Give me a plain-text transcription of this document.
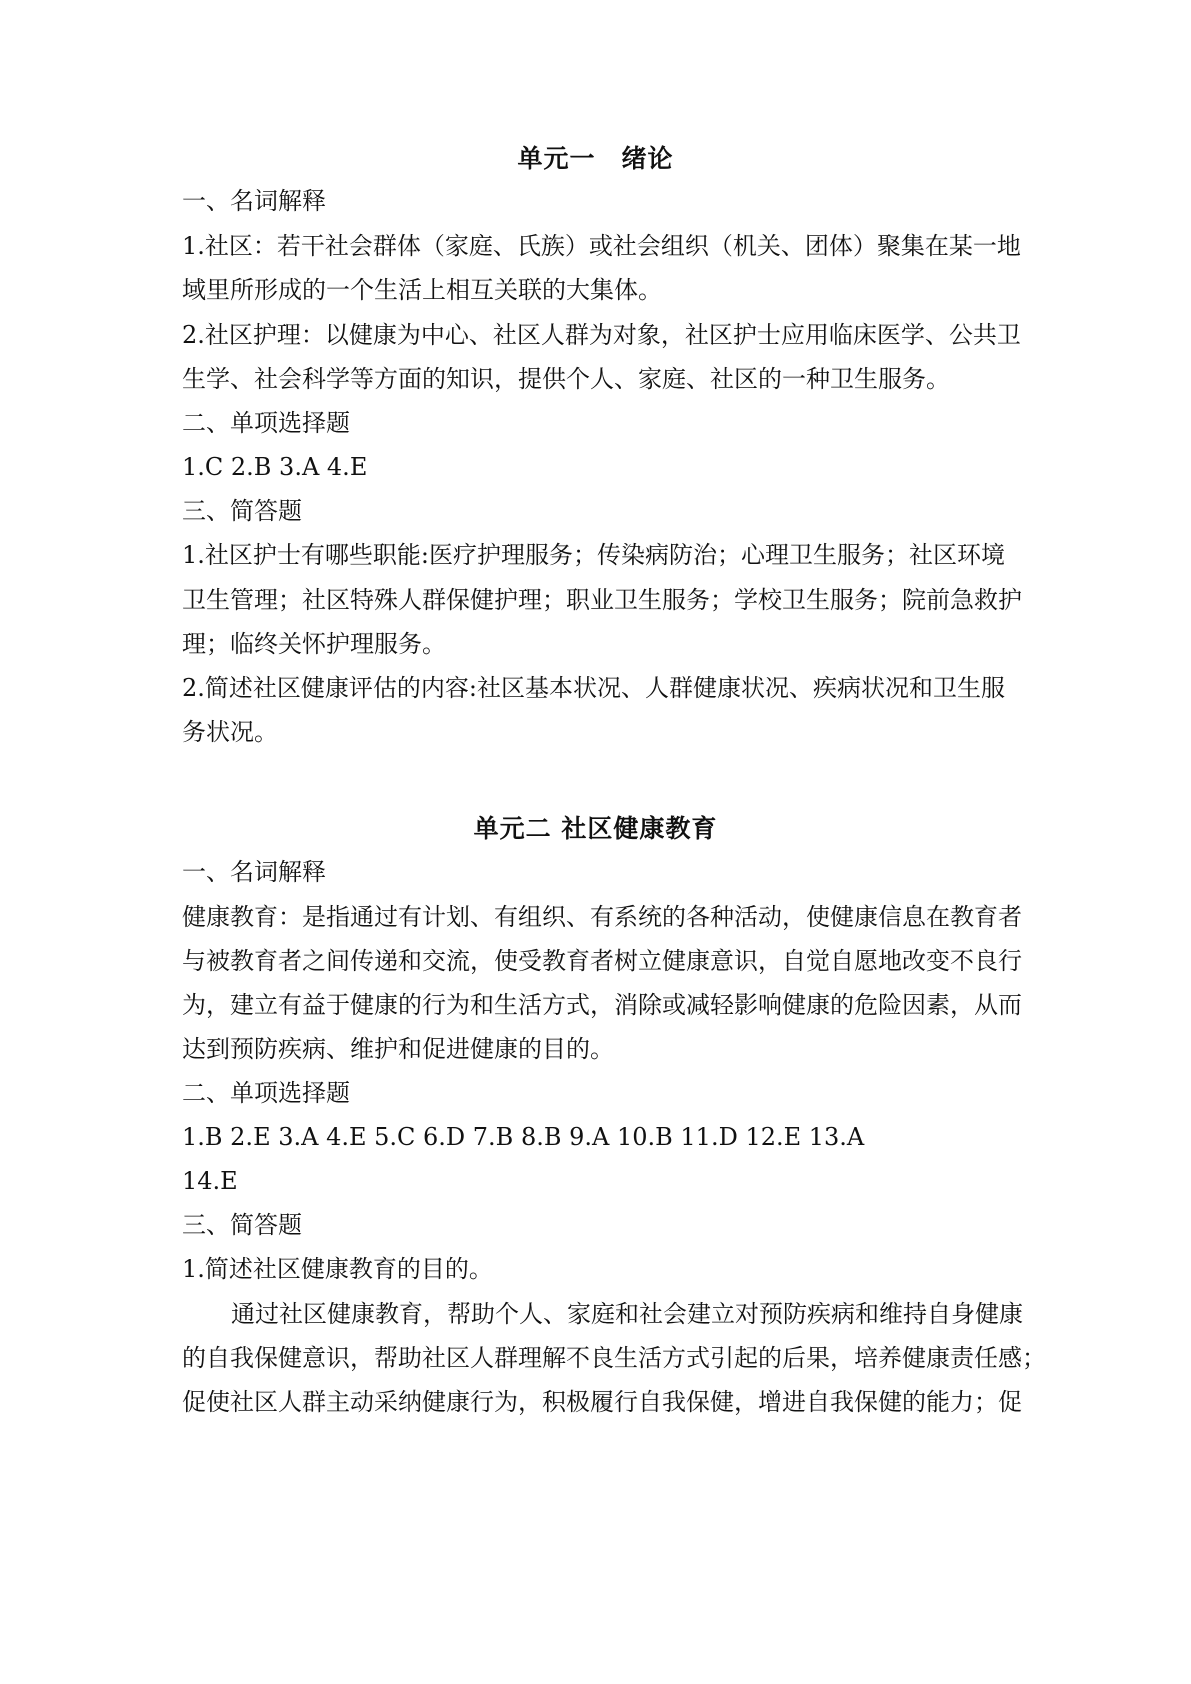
单元一　绪论
一、名词解释
1.社区：若干社会群体（家庭、氏族）或社会组织（机关、团体）聚集在某一地
域里所形成的一个生活上相互关联的大集体。
2.社区护理：以健康为中心、社区人群为对象，社区护士应用临床医学、公共卫
生学、社会科学等方面的知识，提供个人、家庭、社区的一种卫生服务。
二、单项选择题
1.C 2.B 3.A 4.E
三、简答题
1.社区护士有哪些职能:医疗护理服务；传染病防治；心理卫生服务；社区环境
卫生管理；社区特殊人群保健护理；职业卫生服务；学校卫生服务；院前急救护
理；临终关怀护理服务。
2.简述社区健康评估的内容:社区基本状况、人群健康状况、疾病状况和卫生服
务状况。
单元二 社区健康教育
一、名词解释
健康教育：是指通过有计划、有组织、有系统的各种活动，使健康信息在教育者
与被教育者之间传递和交流，使受教育者树立健康意识，自觉自愿地改变不良行
为，建立有益于健康的行为和生活方式，消除或减轻影响健康的危险因素，从而
达到预防疾病、维护和促进健康的目的。
二、单项选择题
1.B 2.E 3.A 4.E 5.C 6.D 7.B 8.B 9.A 10.B 11.D 12.E 13.A
14.E
三、简答题
1.简述社区健康教育的目的。
通过社区健康教育，帮助个人、家庭和社会建立对预防疾病和维持自身健康
的自我保健意识，帮助社区人群理解不良生活方式引起的后果，培养健康责任感；
促使社区人群主动采纳健康行为，积极履行自我保健，增进自我保健的能力；促
